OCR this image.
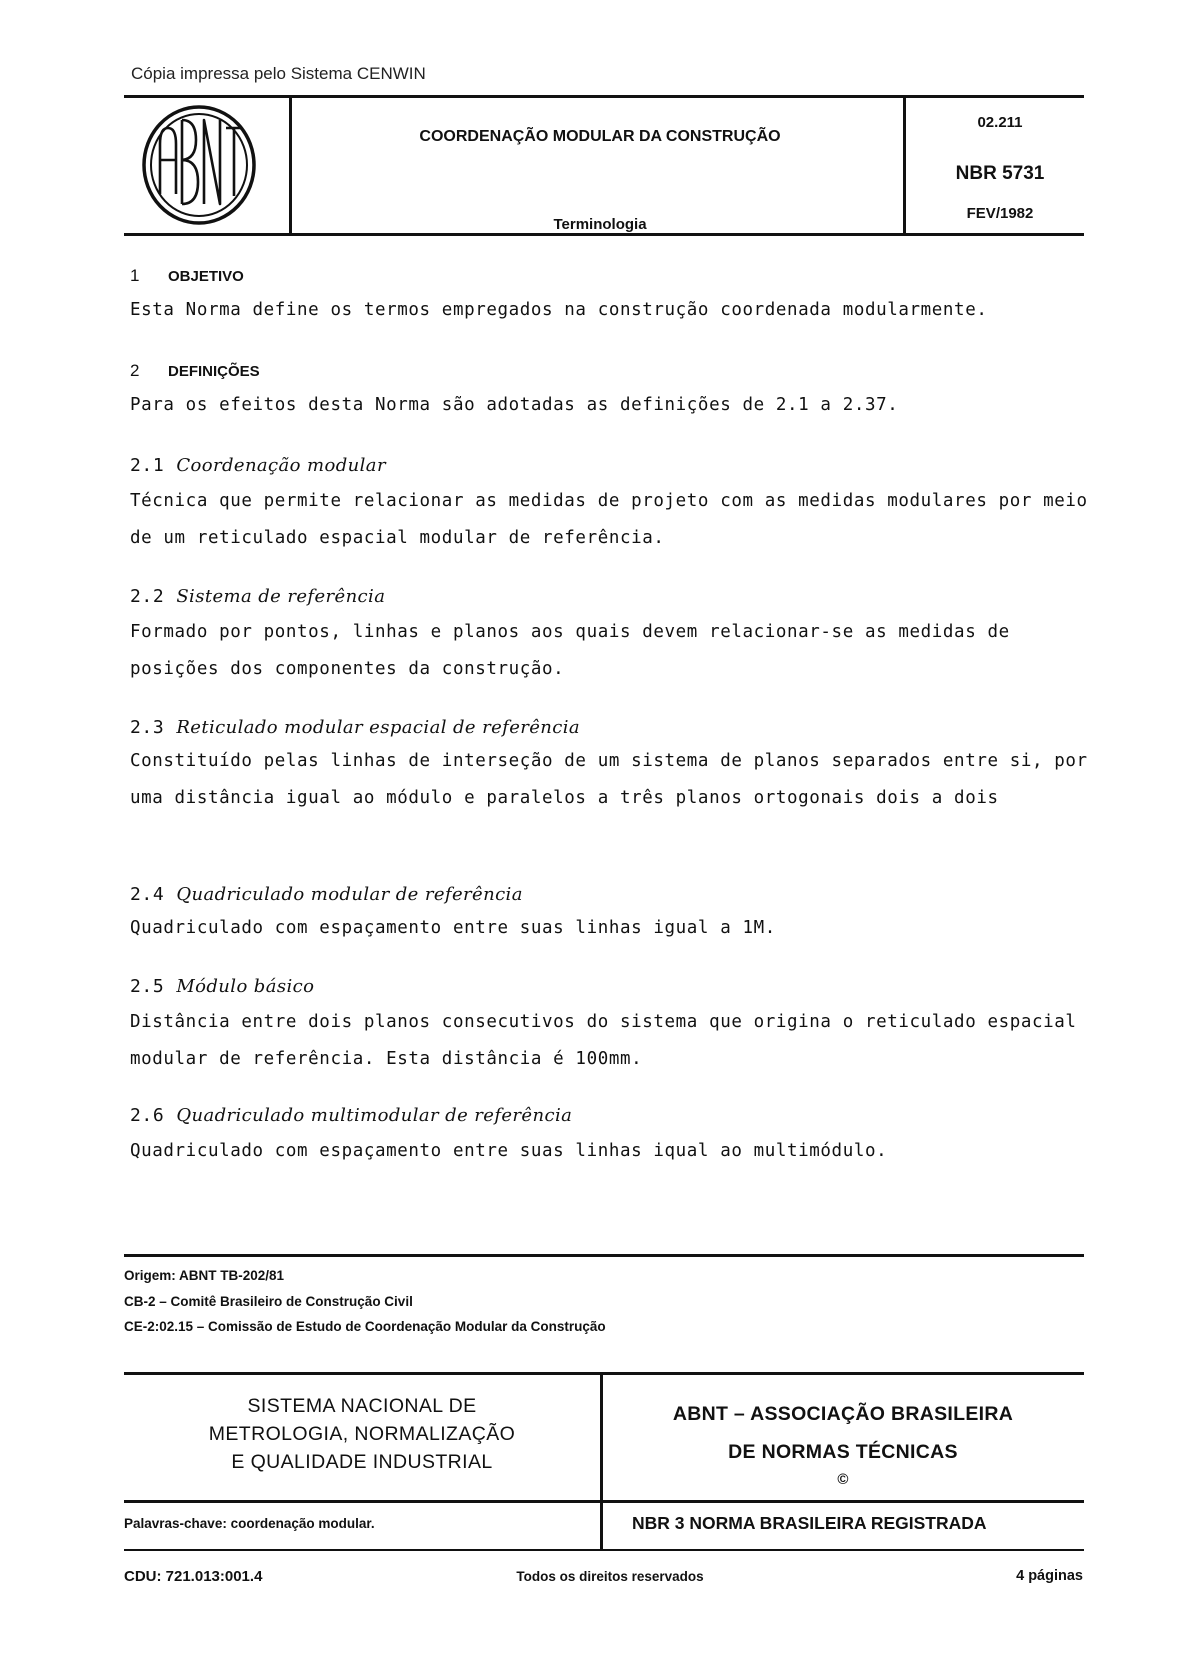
Cópia impressa pelo Sistema CENWIN
COORDENAÇÃO MODULAR DA CONSTRUÇÃO
Terminologia
02.211
NBR 5731
FEV/1982
1 OBJETIVO
Esta Norma define os termos empregados na construção coordenada modularmente.
2 DEFINIÇÕES
Para os efeitos desta Norma são adotadas as definições de 2.1 a 2.37.
2.1 Coordenação modular
Técnica que permite relacionar as medidas de projeto com as medidas modulares por meio de um reticulado espacial modular de referência.
2.2 Sistema de referência
Formado por pontos, linhas e planos aos quais devem relacionar-se as medidas de posições dos componentes da construção.
2.3 Reticulado modular espacial de referência
Constituído pelas linhas de interseção de um sistema de planos separados entre si, por uma distância igual ao módulo e paralelos a três planos ortogonais dois a dois
2.4 Quadriculado modular de referência
Quadriculado com espaçamento entre suas linhas igual a 1M.
2.5 Módulo básico
Distância entre dois planos consecutivos do sistema que origina o reticulado espacial modular de referência. Esta distância é 100mm.
2.6 Quadriculado multimodular de referência
Quadriculado com espaçamento entre suas linhas iqual ao multimódulo.
Origem: ABNT TB-202/81
CB-2 – Comitê Brasileiro de Construção Civil
CE-2:02.15 – Comissão de Estudo de Coordenação Modular da Construção
SISTEMA NACIONAL DE
METROLOGIA, NORMALIZAÇÃO
E QUALIDADE INDUSTRIAL
ABNT – ASSOCIAÇÃO BRASILEIRA
DE NORMAS TÉCNICAS
©
Palavras-chave: coordenação modular.	NBR 3 NORMA BRASILEIRA REGISTRADA
CDU: 721.013:001.4	Todos os direitos reservados	4 páginas
